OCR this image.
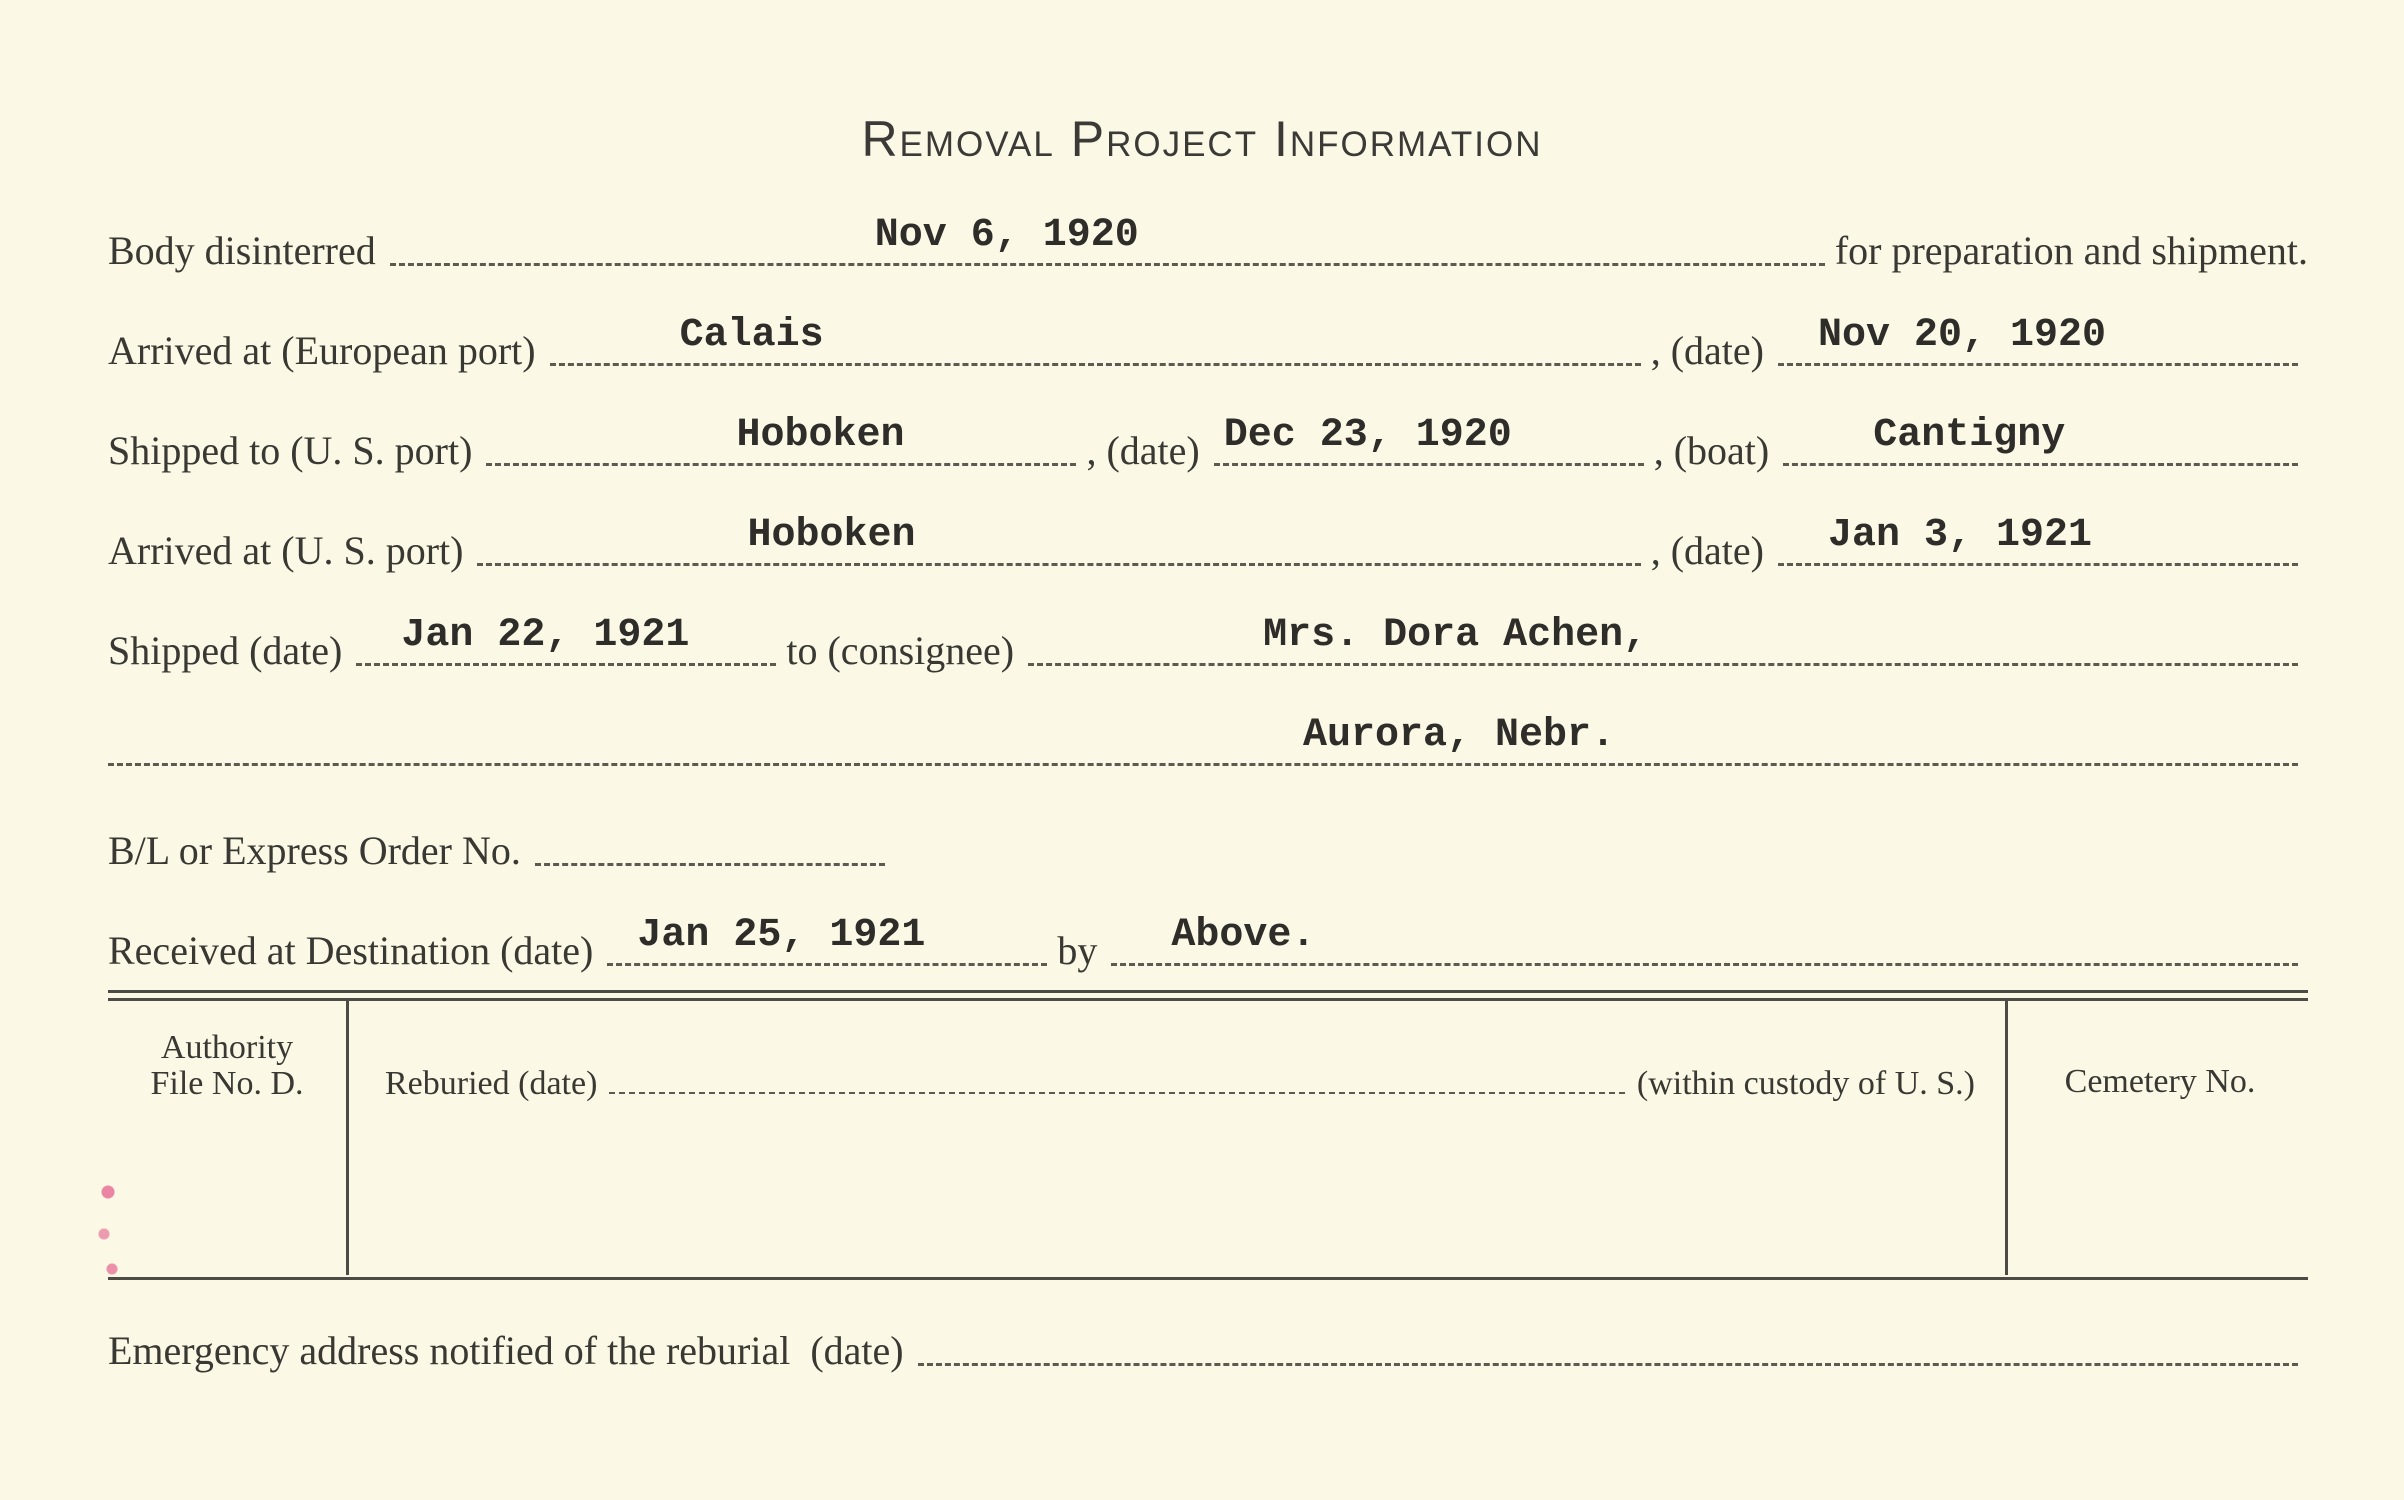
Removal Project Information
Body disinterred	Nov 6, 1920	for preparation and shipment.
Arrived at (European port)	Calais	, (date) Nov 20, 1920
Shipped to (U. S. port)	Hoboken	, (date) Dec 23, 1920	, (boat)	Cantigny
Arrived at (U. S. port)	Hoboken	, (date) Jan 3, 1921
Shipped (date) Jan 22, 1921 to (consignee)	Mrs. Dora Achen,
Aurora, Nebr.
B/L or Express Order No.
Received at Destination (date) Jan 25, 1921	by Above.
Authority
File No. D.	Reburied (date)	(within custody of U. S.)	Cemetery No.
Emergency address notified of the reburial  (date)
